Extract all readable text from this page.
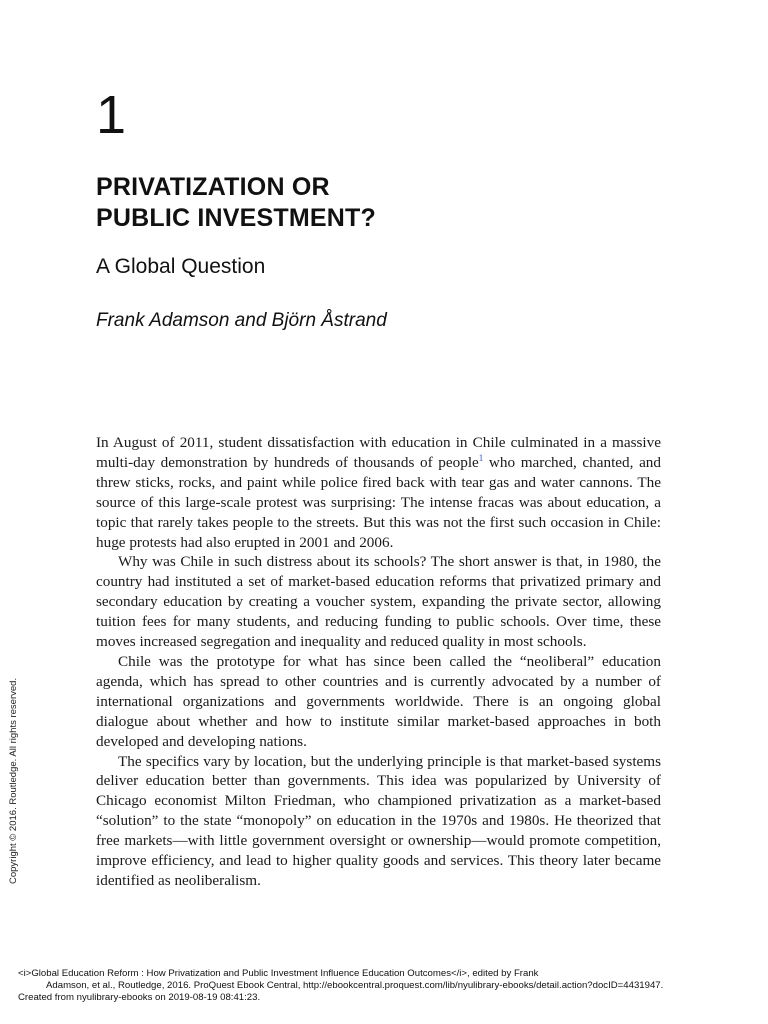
1
PRIVATIZATION OR
PUBLIC INVESTMENT?
A Global Question
Frank Adamson and Björn Åstrand

In August of 2011, student dissatisfaction with education in Chile culminated in a massive multi-day demonstration by hundreds of thousands of people$^1$ who marched, chanted, and threw sticks, rocks, and paint while police fired back with tear gas and water cannons. The source of this large-scale protest was surprising: The intense fracas was about education, a topic that rarely takes people to the streets. But this was not the first such occasion in Chile: huge protests had also erupted in 2001 and 2006.

Why was Chile in such distress about its schools? The short answer is that, in 1980, the country had instituted a set of market-based education reforms that privatized primary and secondary education by creating a voucher system, expanding the private sector, allowing tuition fees for many students, and reducing funding to public schools. Over time, these moves increased segregation and inequality and reduced quality in most schools.

Chile was the prototype for what has since been called the “neoliberal” education agenda, which has spread to other countries and is currently advocated by a number of international organizations and governments worldwide. There is an ongoing global dialogue about whether and how to institute similar market-based approaches in both developed and developing nations.

The specifics vary by location, but the underlying principle is that market-based systems deliver education better than governments. This idea was popularized by University of Chicago economist Milton Friedman, who championed privatization as a market-based “solution” to the state “monopoly” on education in the 1970s and 1980s. He theorized that free markets—with little government oversight or ownership—would promote competition, improve efficiency, and lead to higher quality goods and services. This theory later became identified as neoliberalism.

Copyright © 2016. Routledge. All rights reserved.
<i>Global Education Reform : How Privatization and Public Investment Influence Education Outcomes</i>, edited by Frank
Adamson, et al., Routledge, 2016. ProQuest Ebook Central, http://ebookcentral.proquest.com/lib/nyulibrary-ebooks/detail.action?docID=4431947.
Created from nyulibrary-ebooks on 2019-08-19 08:41:23.
